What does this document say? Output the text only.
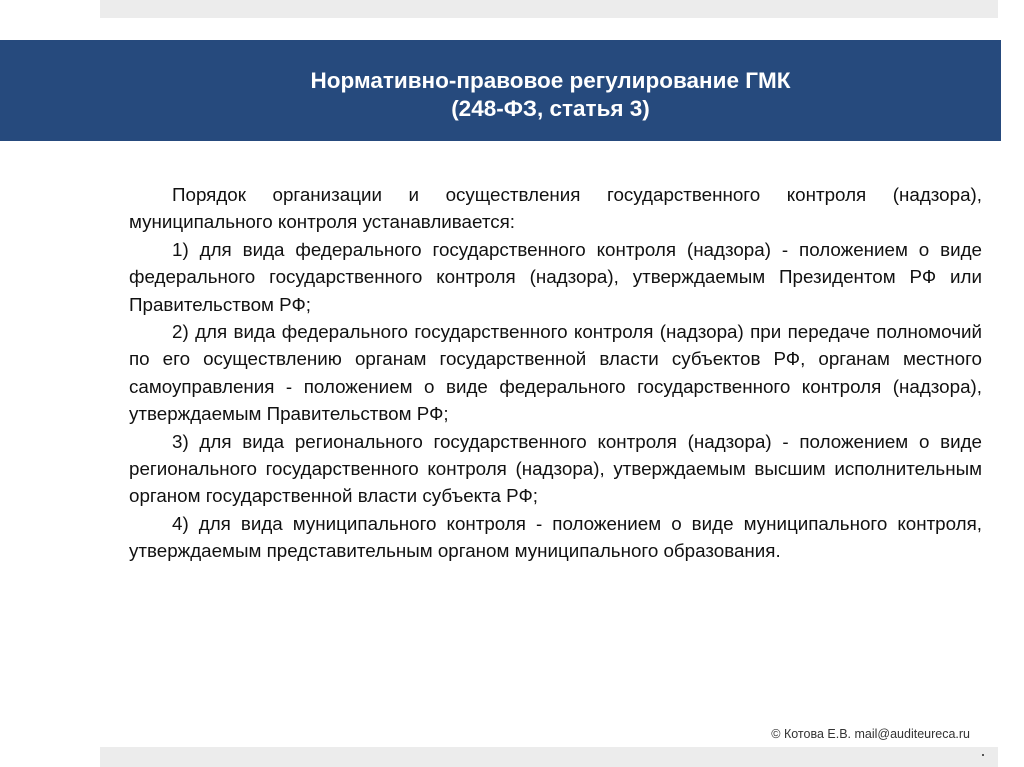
Нормативно-правовое регулирование ГМК
(248-ФЗ, статья 3)

Порядок организации и осуществления государственного контроля (надзора), муниципального контроля устанавливается:

1) для вида федерального государственного контроля (надзора) - положением о виде федерального государственного контроля (надзора), утверждаемым Президентом РФ или Правительством РФ;

2) для вида федерального государственного контроля (надзора) при передаче полномочий по его осуществлению органам государственной власти субъектов РФ, органам местного самоуправления - положением о виде федерального государственного контроля (надзора), утверждаемым Правительством РФ;

3) для вида регионального государственного контроля (надзора) - положением о виде регионального государственного контроля (надзора), утверждаемым высшим исполнительным органом государственной власти субъекта РФ;

4) для вида муниципального контроля - положением о виде муниципального контроля, утверждаемым представительным органом муниципального образования.

© Котова Е.В. mail@auditeureca.ru
